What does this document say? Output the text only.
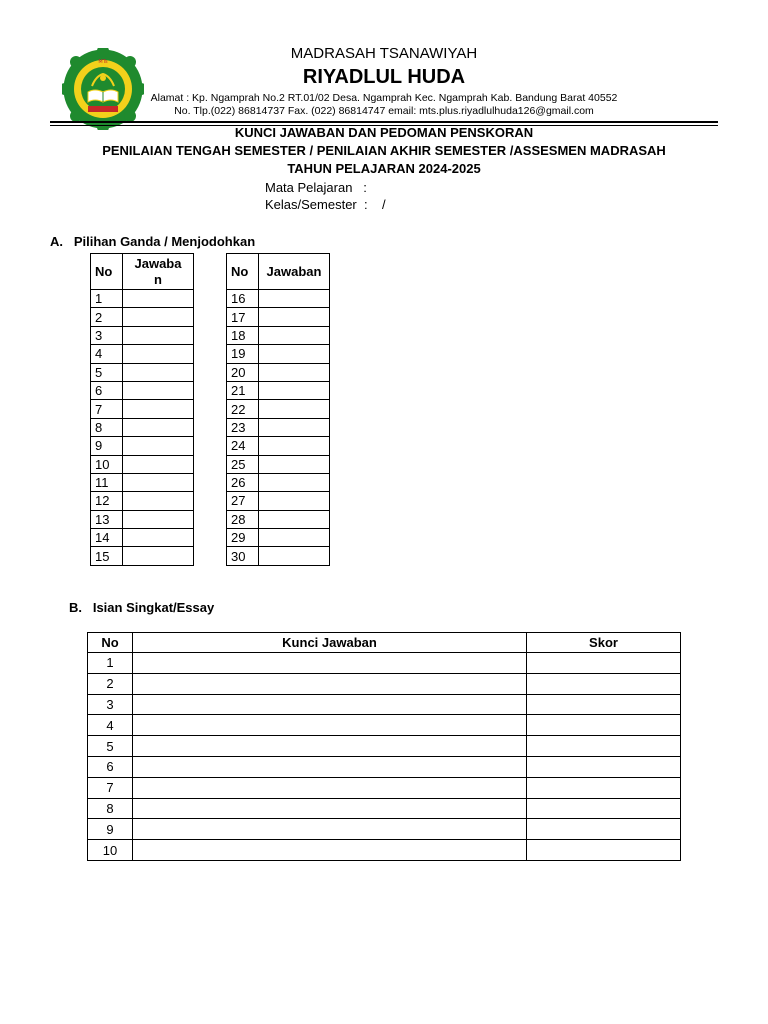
MTs	MADRASAH TSANAWIYAH
RIYADLUL HUDA
Alamat : Kp. Ngamprah No.2 RT.01/02 Desa. Ngamprah Kec. Ngamprah Kab. Bandung Barat 40552
No. Tlp.(022) 86814737 Fax. (022) 86814747 email: mts.plus.riyadlulhuda126@gmail.com
KUNCI JAWABAN DAN PEDOMAN PENSKORAN
PENILAIAN TENGAH SEMESTER / PENILAIAN AKHIR SEMESTER /ASSESMEN MADRASAH
TAHUN PELAJARAN 2024-2025
Mata Pelajaran   :
Kelas/Semester  :    /
A.   Pilihan Ganda / Menjodohkan
No	Jawaba n
1	
2	
3	
4	
5	
6	
7	
8	
9	
10	
11	
12	
13	
14	
15	
No	Jawaban
16	
17	
18	
19	
20	
21	
22	
23	
24	
25	
26	
27	
28	
29	
30	
B.   Isian Singkat/Essay
No	Kunci Jawaban	Skor
1		
2		
3		
4		
5		
6		
7		
8		
9		
10		
